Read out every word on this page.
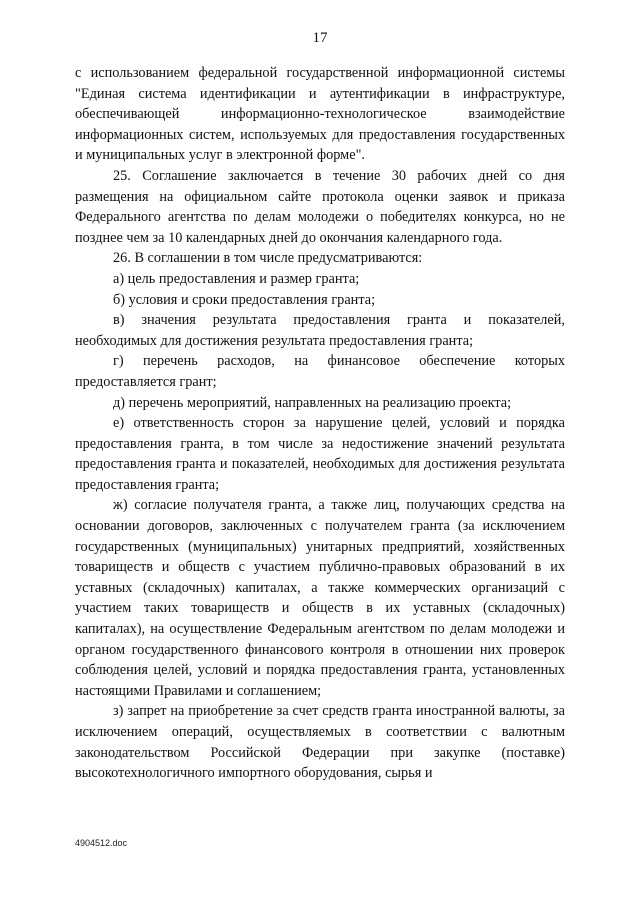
17

с использованием федеральной государственной информационной системы "Единая система идентификации и аутентификации в инфраструктуре, обеспечивающей информационно-технологическое взаимодействие информационных систем, используемых для предоставления государственных и муниципальных услуг в электронной форме".

25. Соглашение заключается в течение 30 рабочих дней со дня размещения на официальном сайте протокола оценки заявок и приказа Федерального агентства по делам молодежи о победителях конкурса, но не позднее чем за 10 календарных дней до окончания календарного года.

26. В соглашении в том числе предусматриваются:

а) цель предоставления и размер гранта;

б) условия и сроки предоставления гранта;

в) значения результата предоставления гранта и показателей, необходимых для достижения результата предоставления гранта;

г) перечень расходов, на финансовое обеспечение которых предоставляется грант;

д) перечень мероприятий, направленных на реализацию проекта;

е) ответственность сторон за нарушение целей, условий и порядка предоставления гранта, в том числе за недостижение значений результата предоставления гранта и показателей, необходимых для достижения результата предоставления гранта;

ж) согласие получателя гранта, а также лиц, получающих средства на основании договоров, заключенных с получателем гранта (за исключением государственных (муниципальных) унитарных предприятий, хозяйственных товариществ и обществ с участием публично-правовых образований в их уставных (складочных) капиталах, а также коммерческих организаций с участием таких товариществ и обществ в их уставных (складочных) капиталах), на осуществление Федеральным агентством по делам молодежи и органом государственного финансового контроля в отношении них проверок соблюдения целей, условий и порядка предоставления гранта, установленных настоящими Правилами и соглашением;

з) запрет на приобретение за счет средств гранта иностранной валюты, за исключением операций, осуществляемых в соответствии с валютным законодательством Российской Федерации при закупке (поставке) высокотехнологичного импортного оборудования, сырья и

4904512.doc
